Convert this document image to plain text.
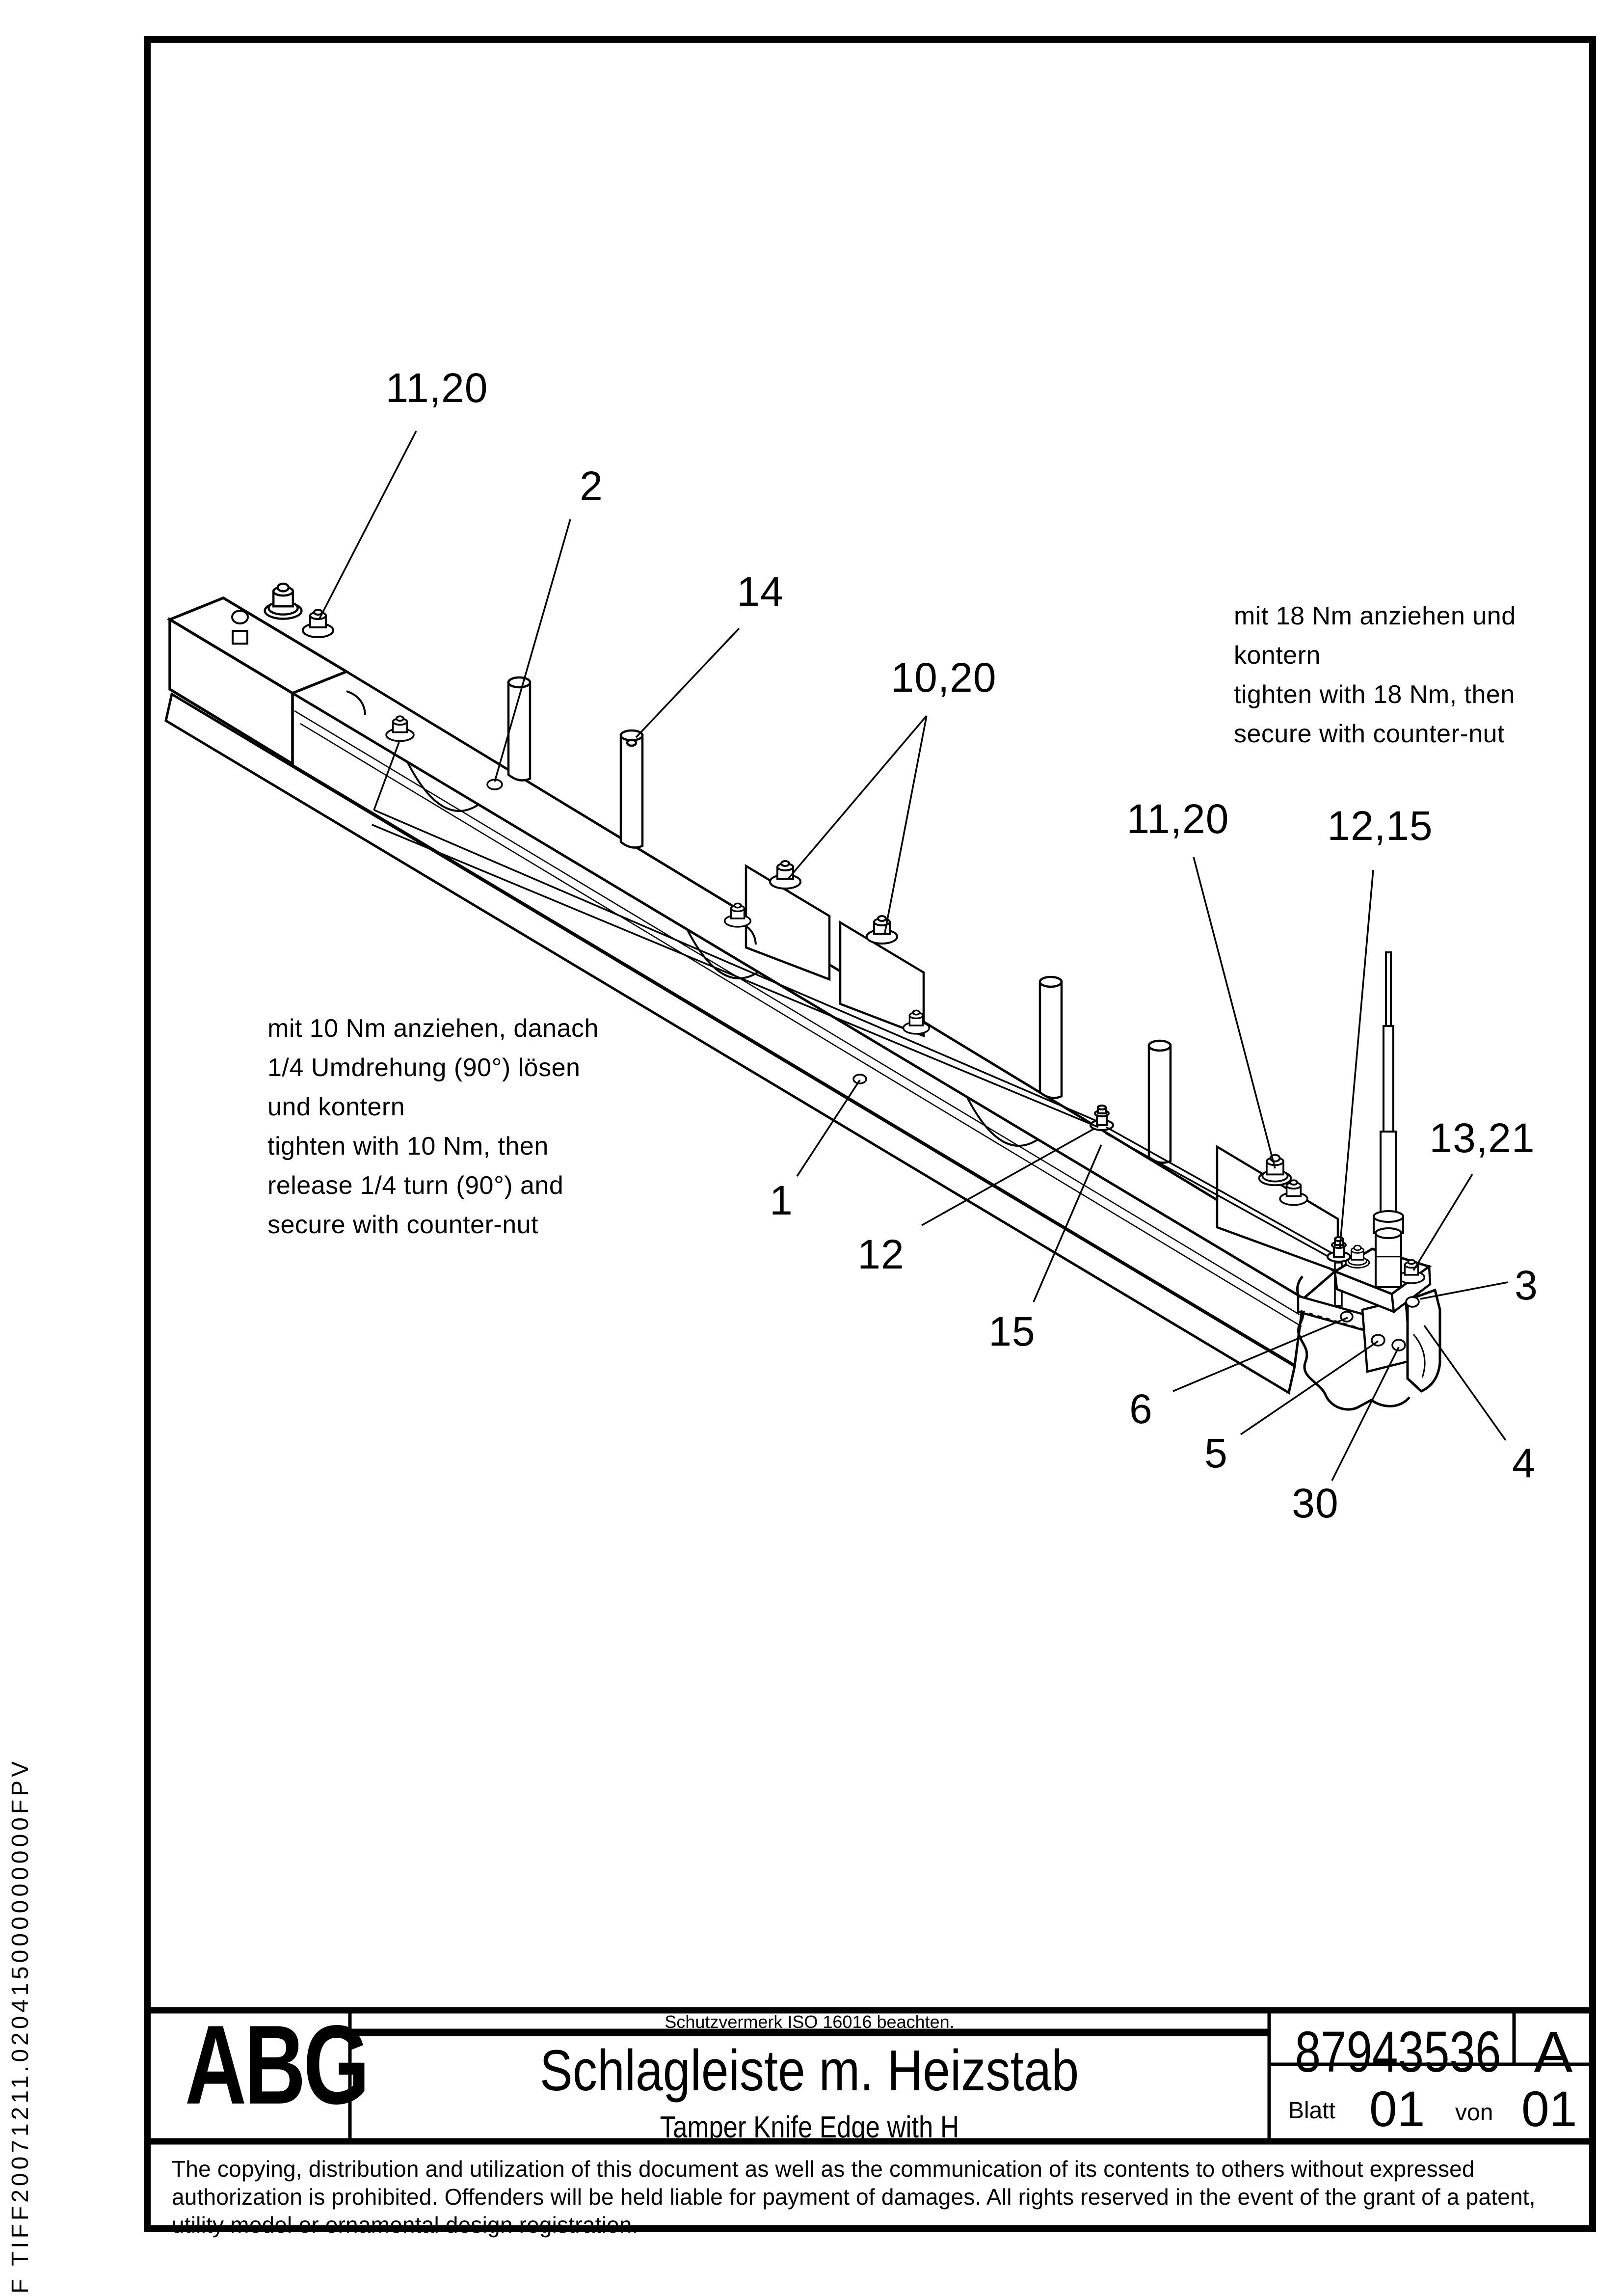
11,20
2
14
10,20
11,20 12,15
1
12
15
13,21
3
6
5
30
4
mit 18 Nm anziehen und
kontern
tighten with 18 Nm, then
secure with counter-nut
mit 10 Nm anziehen, danach
1/4 Umdrehung (90°) lösen
und kontern
tighten with 10 Nm, then
release 1/4 turn (90°) and
secure with counter-nut
ABG	Schutzvermerk ISO 16016 beachten.
Schlagleiste m. Heizstab
Tamper Knife Edge with H
87943536 A
Blatt 01 von 01
The copying, distribution and utilization of this document as well as the communication of its contents to others without expressed authorization is prohibited. Offenders will be held liable for payment of damages. All rights reserved in the event of the grant of a patent, utility model or ornamental design registration.
F TIFF20071211.020415000000000FPV
